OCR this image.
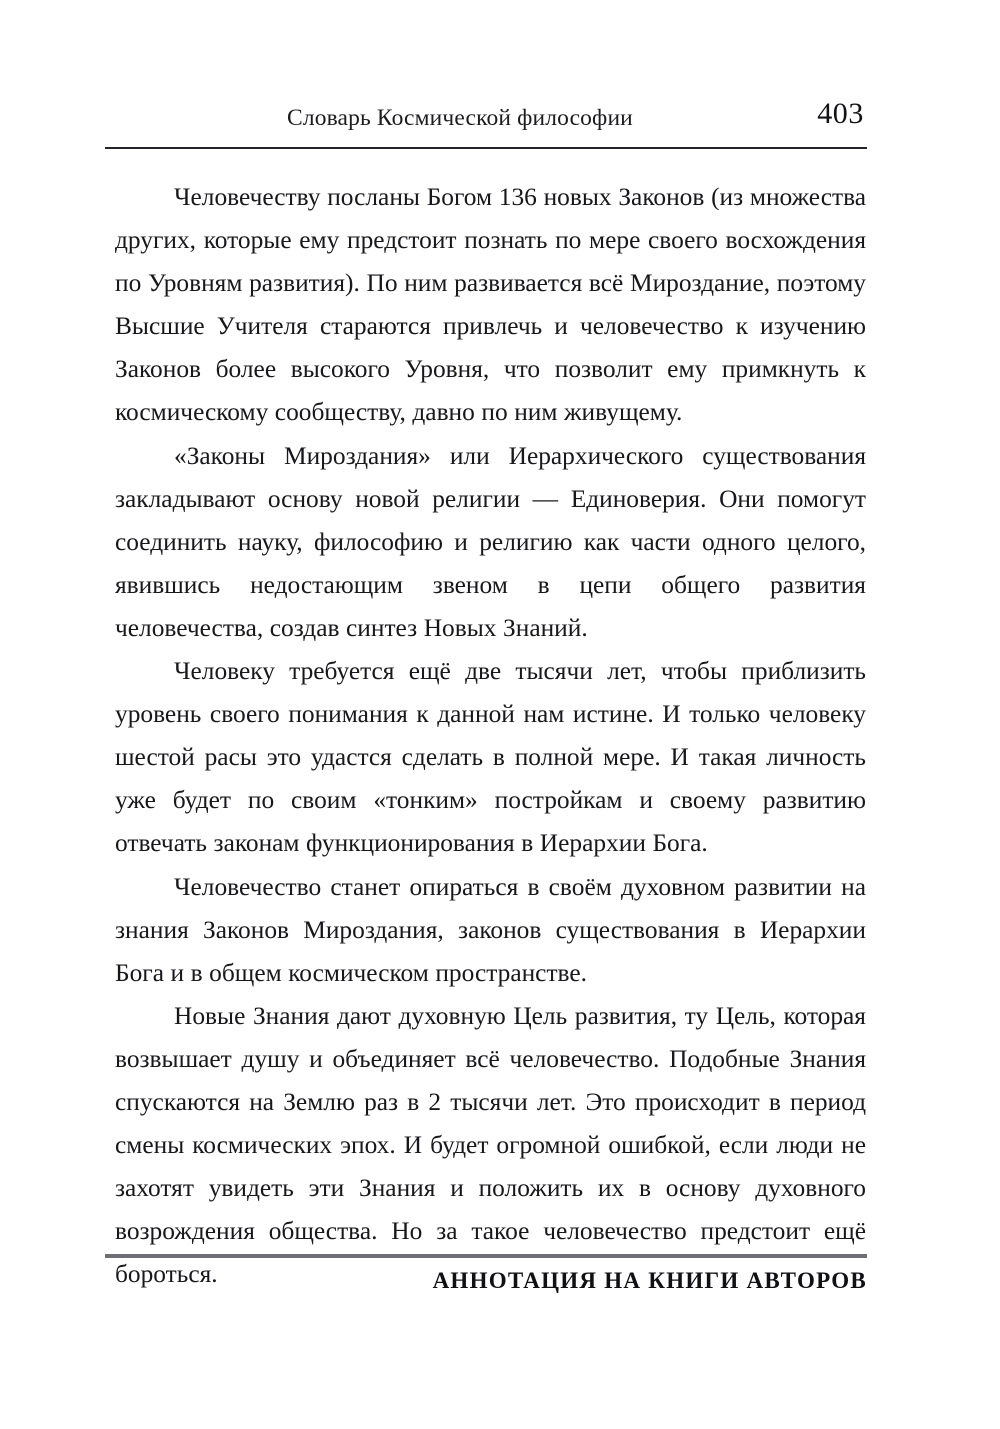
Словарь Космической философии	403

Человечеству посланы Богом 136 новых Законов (из множества других, которые ему предстоит познать по мере своего восхождения по Уровням развития). По ним развивается всё Мироздание, поэтому Высшие Учителя стараются привлечь и человечество к изучению Законов более высокого Уровня, что позволит ему примкнуть к космическому сообществу, давно по ним живущему.

«Законы Мироздания» или Иерархического существования закладывают основу новой религии — Единоверия. Они помогут соединить науку, философию и религию как части одного целого, явившись недостающим звеном в цепи общего развития человечества, создав синтез Новых Знаний.

Человеку требуется ещё две тысячи лет, чтобы приблизить уровень своего понимания к данной нам истине. И только человеку шестой расы это удастся сделать в полной мере. И такая личность уже будет по своим «тонким» постройкам и своему развитию отвечать законам функционирования в Иерархии Бога.

Человечество станет опираться в своём духовном развитии на знания Законов Мироздания, законов существования в Иерархии Бога и в общем космическом пространстве.

Новые Знания дают духовную Цель развития, ту Цель, которая возвышает душу и объединяет всё человечество. Подобные Знания спускаются на Землю раз в 2 тысячи лет. Это происходит в период смены космических эпох. И будет огромной ошибкой, если люди не захотят увидеть эти Знания и положить их в основу духовного возрождения общества. Но за такое человечество предстоит ещё бороться.	АННОТАЦИЯ НА КНИГИ АВТОРОВ
